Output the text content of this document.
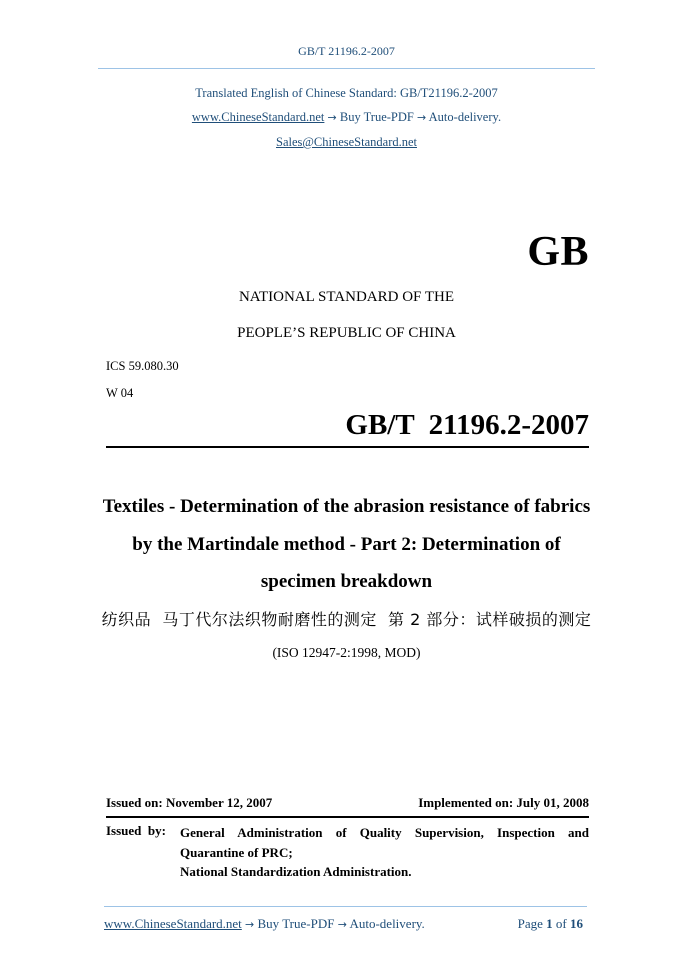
GB/T 21196.2-2007
Translated English of Chinese Standard: GB/T21196.2-2007
www.ChineseStandard.net → Buy True-PDF → Auto-delivery.
Sales@ChineseStandard.net
GB
NATIONAL STANDARD OF THE
PEOPLE’S REPUBLIC OF CHINA
ICS 59.080.30
W 04
GB/T  21196.2-2007
Textiles - Determination of the abrasion resistance of fabrics by the Martindale method - Part 2: Determination of specimen breakdown
纺织品  马丁代尔法织物耐磨性的测定  第 2 部分：试样破损的测定
(ISO 12947-2:1998, MOD)
Issued on: November 12, 2007	Implemented on: July 01, 2008
Issued  by: General Administration of Quality Supervision, Inspection and Quarantine of PRC;
National Standardization Administration.
www.ChineseStandard.net → Buy True-PDF → Auto-delivery.	Page 1 of 16
